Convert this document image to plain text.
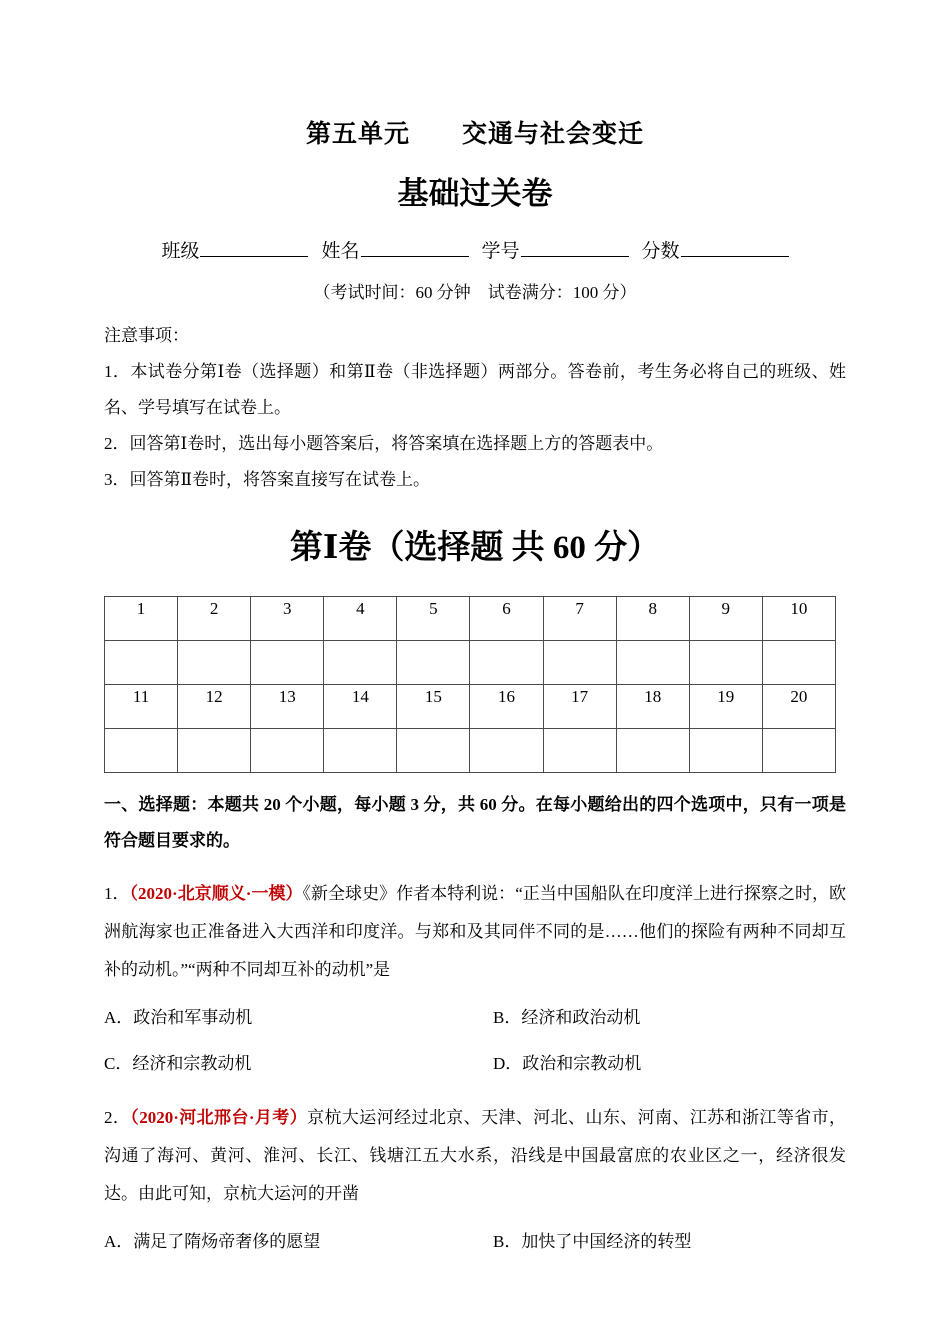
第五单元　　交通与社会变迁
基础过关卷
班级	姓名	学号	分数

（考试时间：60 分钟　试卷满分：100 分）

注意事项：

1．本试卷分第Ⅰ卷（选择题）和第Ⅱ卷（非选择题）两部分。答卷前，考生务必将自己的班级、姓名、学号填写在试卷上。

2．回答第Ⅰ卷时，选出每小题答案后，将答案填在选择题上方的答题表中。

3．回答第Ⅱ卷时，将答案直接写在试卷上。

第Ⅰ卷（选择题 共 60 分）
1	2	3	4	5	6	7	8	9	10

11	12	13	14	15	16	17	18	19	20

一、选择题：本题共 20 个小题，每小题 3 分，共 60 分。在每小题给出的四个选项中，只有一项是符合题目要求的。

1．（2020·北京顺义·一模）《新全球史》作者本特利说：“正当中国船队在印度洋上进行探察之时，欧洲航海家也正准备进入大西洋和印度洋。与郑和及其同伴不同的是……他们的探险有两种不同却互补的动机。”“两种不同却互补的动机”是

A．政治和军事动机	B．经济和政治动机
C．经济和宗教动机	D．政治和宗教动机

2．（2020·河北邢台·月考）京杭大运河经过北京、天津、河北、山东、河南、江苏和浙江等省市，沟通了海河、黄河、淮河、长江、钱塘江五大水系，沿线是中国最富庶的农业区之一，经济很发达。由此可知，京杭大运河的开凿

A．满足了隋炀帝奢侈的愿望	B．加快了中国经济的转型
